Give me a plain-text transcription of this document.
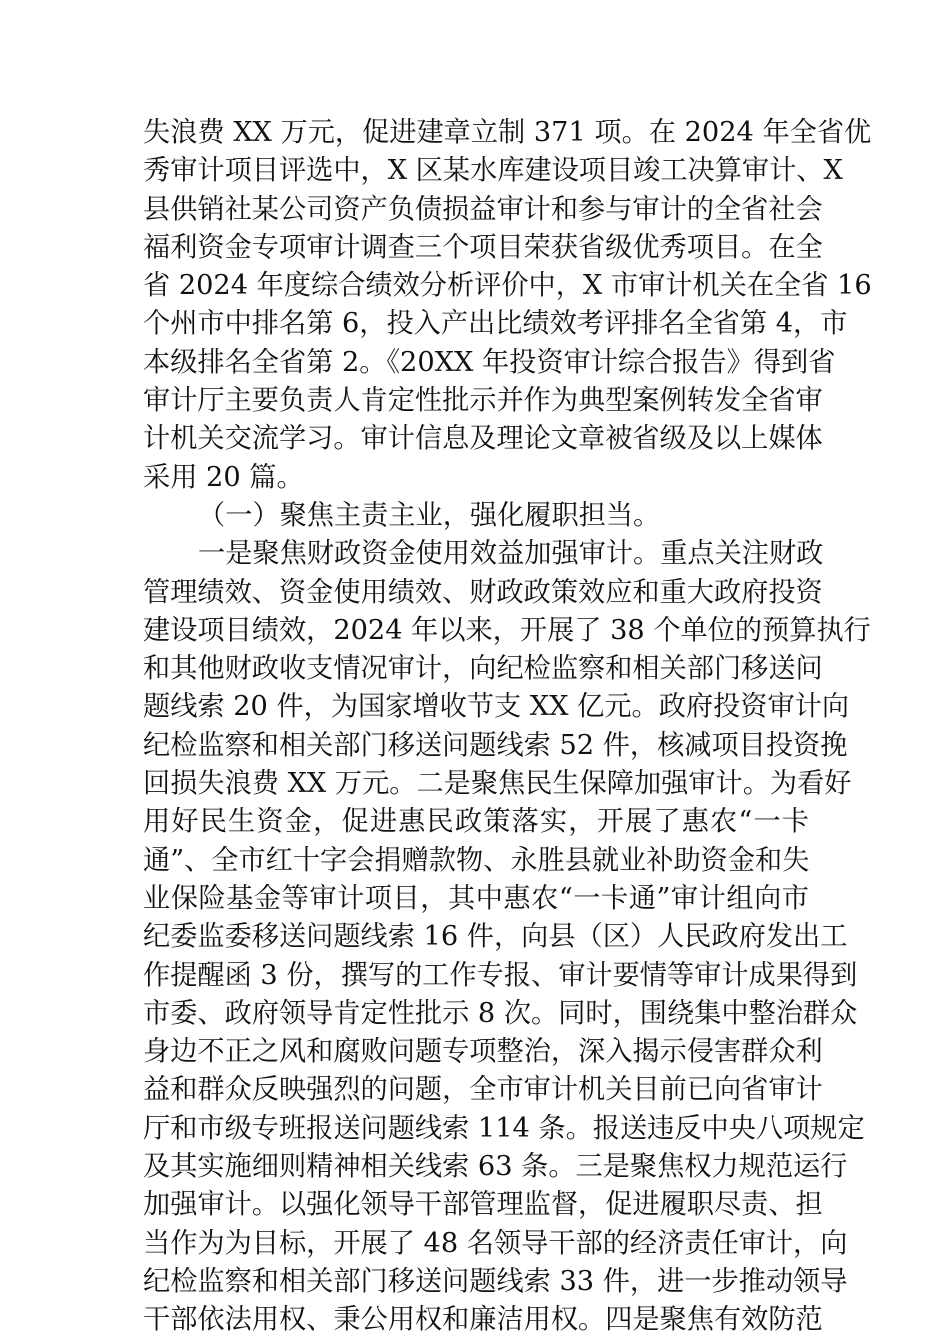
失浪费 XX 万元，促进建章立制 371 项。在 2024 年全省优
秀审计项目评选中，X 区某水库建设项目竣工决算审计、X
县供销社某公司资产负债损益审计和参与审计的全省社会
福利资金专项审计调查三个项目荣获省级优秀项目。在全
省 2024 年度综合绩效分析评价中，X 市审计机关在全省 16
个州市中排名第 6，投入产出比绩效考评排名全省第 4，市
本级排名全省第 2。《20XX 年投资审计综合报告》得到省
审计厅主要负责人肯定性批示并作为典型案例转发全省审
计机关交流学习。审计信息及理论文章被省级及以上媒体
采用 20 篇。
（一）聚焦主责主业，强化履职担当。
一是聚焦财政资金使用效益加强审计。重点关注财政
管理绩效、资金使用绩效、财政政策效应和重大政府投资
建设项目绩效，2024 年以来，开展了 38 个单位的预算执行
和其他财政收支情况审计，向纪检监察和相关部门移送问
题线索 20 件，为国家增收节支 XX 亿元。政府投资审计向
纪检监察和相关部门移送问题线索 52 件，核减项目投资挽
回损失浪费 XX 万元。二是聚焦民生保障加强审计。为看好
用好民生资金，促进惠民政策落实，开展了惠农“一卡
通”、全市红十字会捐赠款物、永胜县就业补助资金和失
业保险基金等审计项目，其中惠农“一卡通”审计组向市
纪委监委移送问题线索 16 件，向县（区）人民政府发出工
作提醒函 3 份，撰写的工作专报、审计要情等审计成果得到
市委、政府领导肯定性批示 8 次。同时，围绕集中整治群众
身边不正之风和腐败问题专项整治，深入揭示侵害群众利
益和群众反映强烈的问题，全市审计机关目前已向省审计
厅和市级专班报送问题线索 114 条。报送违反中央八项规定
及其实施细则精神相关线索 63 条。三是聚焦权力规范运行
加强审计。以强化领导干部管理监督，促进履职尽责、担
当作为为目标，开展了 48 名领导干部的经济责任审计，向
纪检监察和相关部门移送问题线索 33 件，进一步推动领导
干部依法用权、秉公用权和廉洁用权。四是聚焦有效防范
